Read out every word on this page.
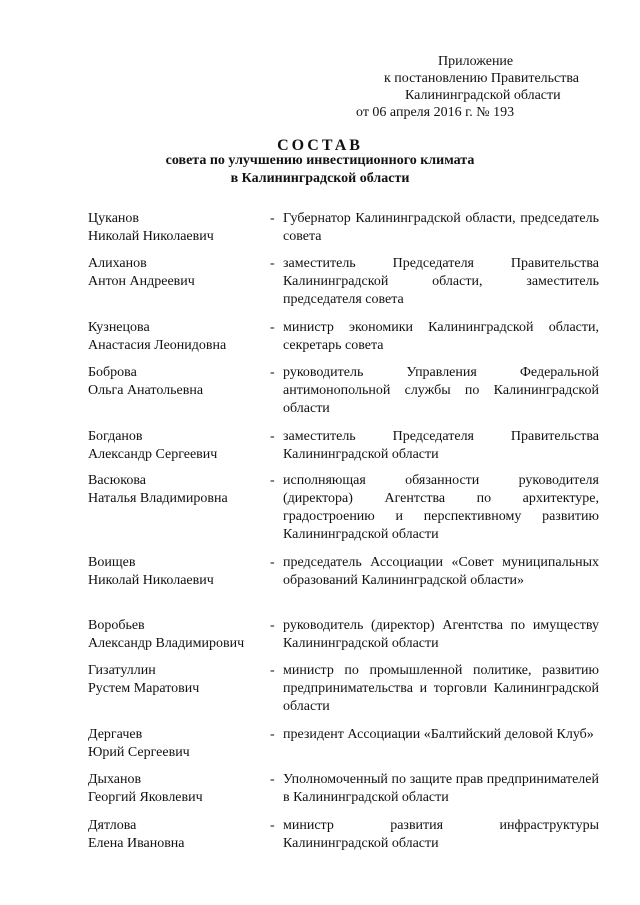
Приложение
к постановлению Правительства
Калининградской области
от 06 апреля 2016 г. № 193
СОСТАВ
совета по улучшению инвестиционного климата
в Калининградской области
Цуканов
Николай Николаевич
- Губернатор Калининградской области, председатель совета
Алиханов
Антон Андреевич
- заместитель Председателя Правительства Калининградской области, заместитель председателя совета
Кузнецова
Анастасия Леонидовна
- министр экономики Калининградской области, секретарь совета
Боброва
Ольга Анатольевна
- руководитель Управления Федеральной антимонопольной службы по Калининградской области
Богданов
Александр Сергеевич
- заместитель Председателя Правительства Калининградской области
Васюкова
Наталья Владимировна
- исполняющая обязанности руководителя (директора) Агентства по архитектуре, градостроению и перспективному развитию Калининградской области
Воищев
Николай Николаевич
- председатель Ассоциации «Совет муниципальных образований Калининградской области»
Воробьев
Александр Владимирович
- руководитель (директор) Агентства по имуществу Калининградской области
Гизатуллин
Рустем Маратович
- министр по промышленной политике, развитию предпринимательства и торговли Калининградской области
Дергачев
Юрий Сергеевич
- президент Ассоциации «Балтийский деловой Клуб»
Дыханов
Георгий Яковлевич
- Уполномоченный по защите прав предпринимателей в Калининградской области
Дятлова
Елена Ивановна
- министр развития инфраструктуры Калининградской области
